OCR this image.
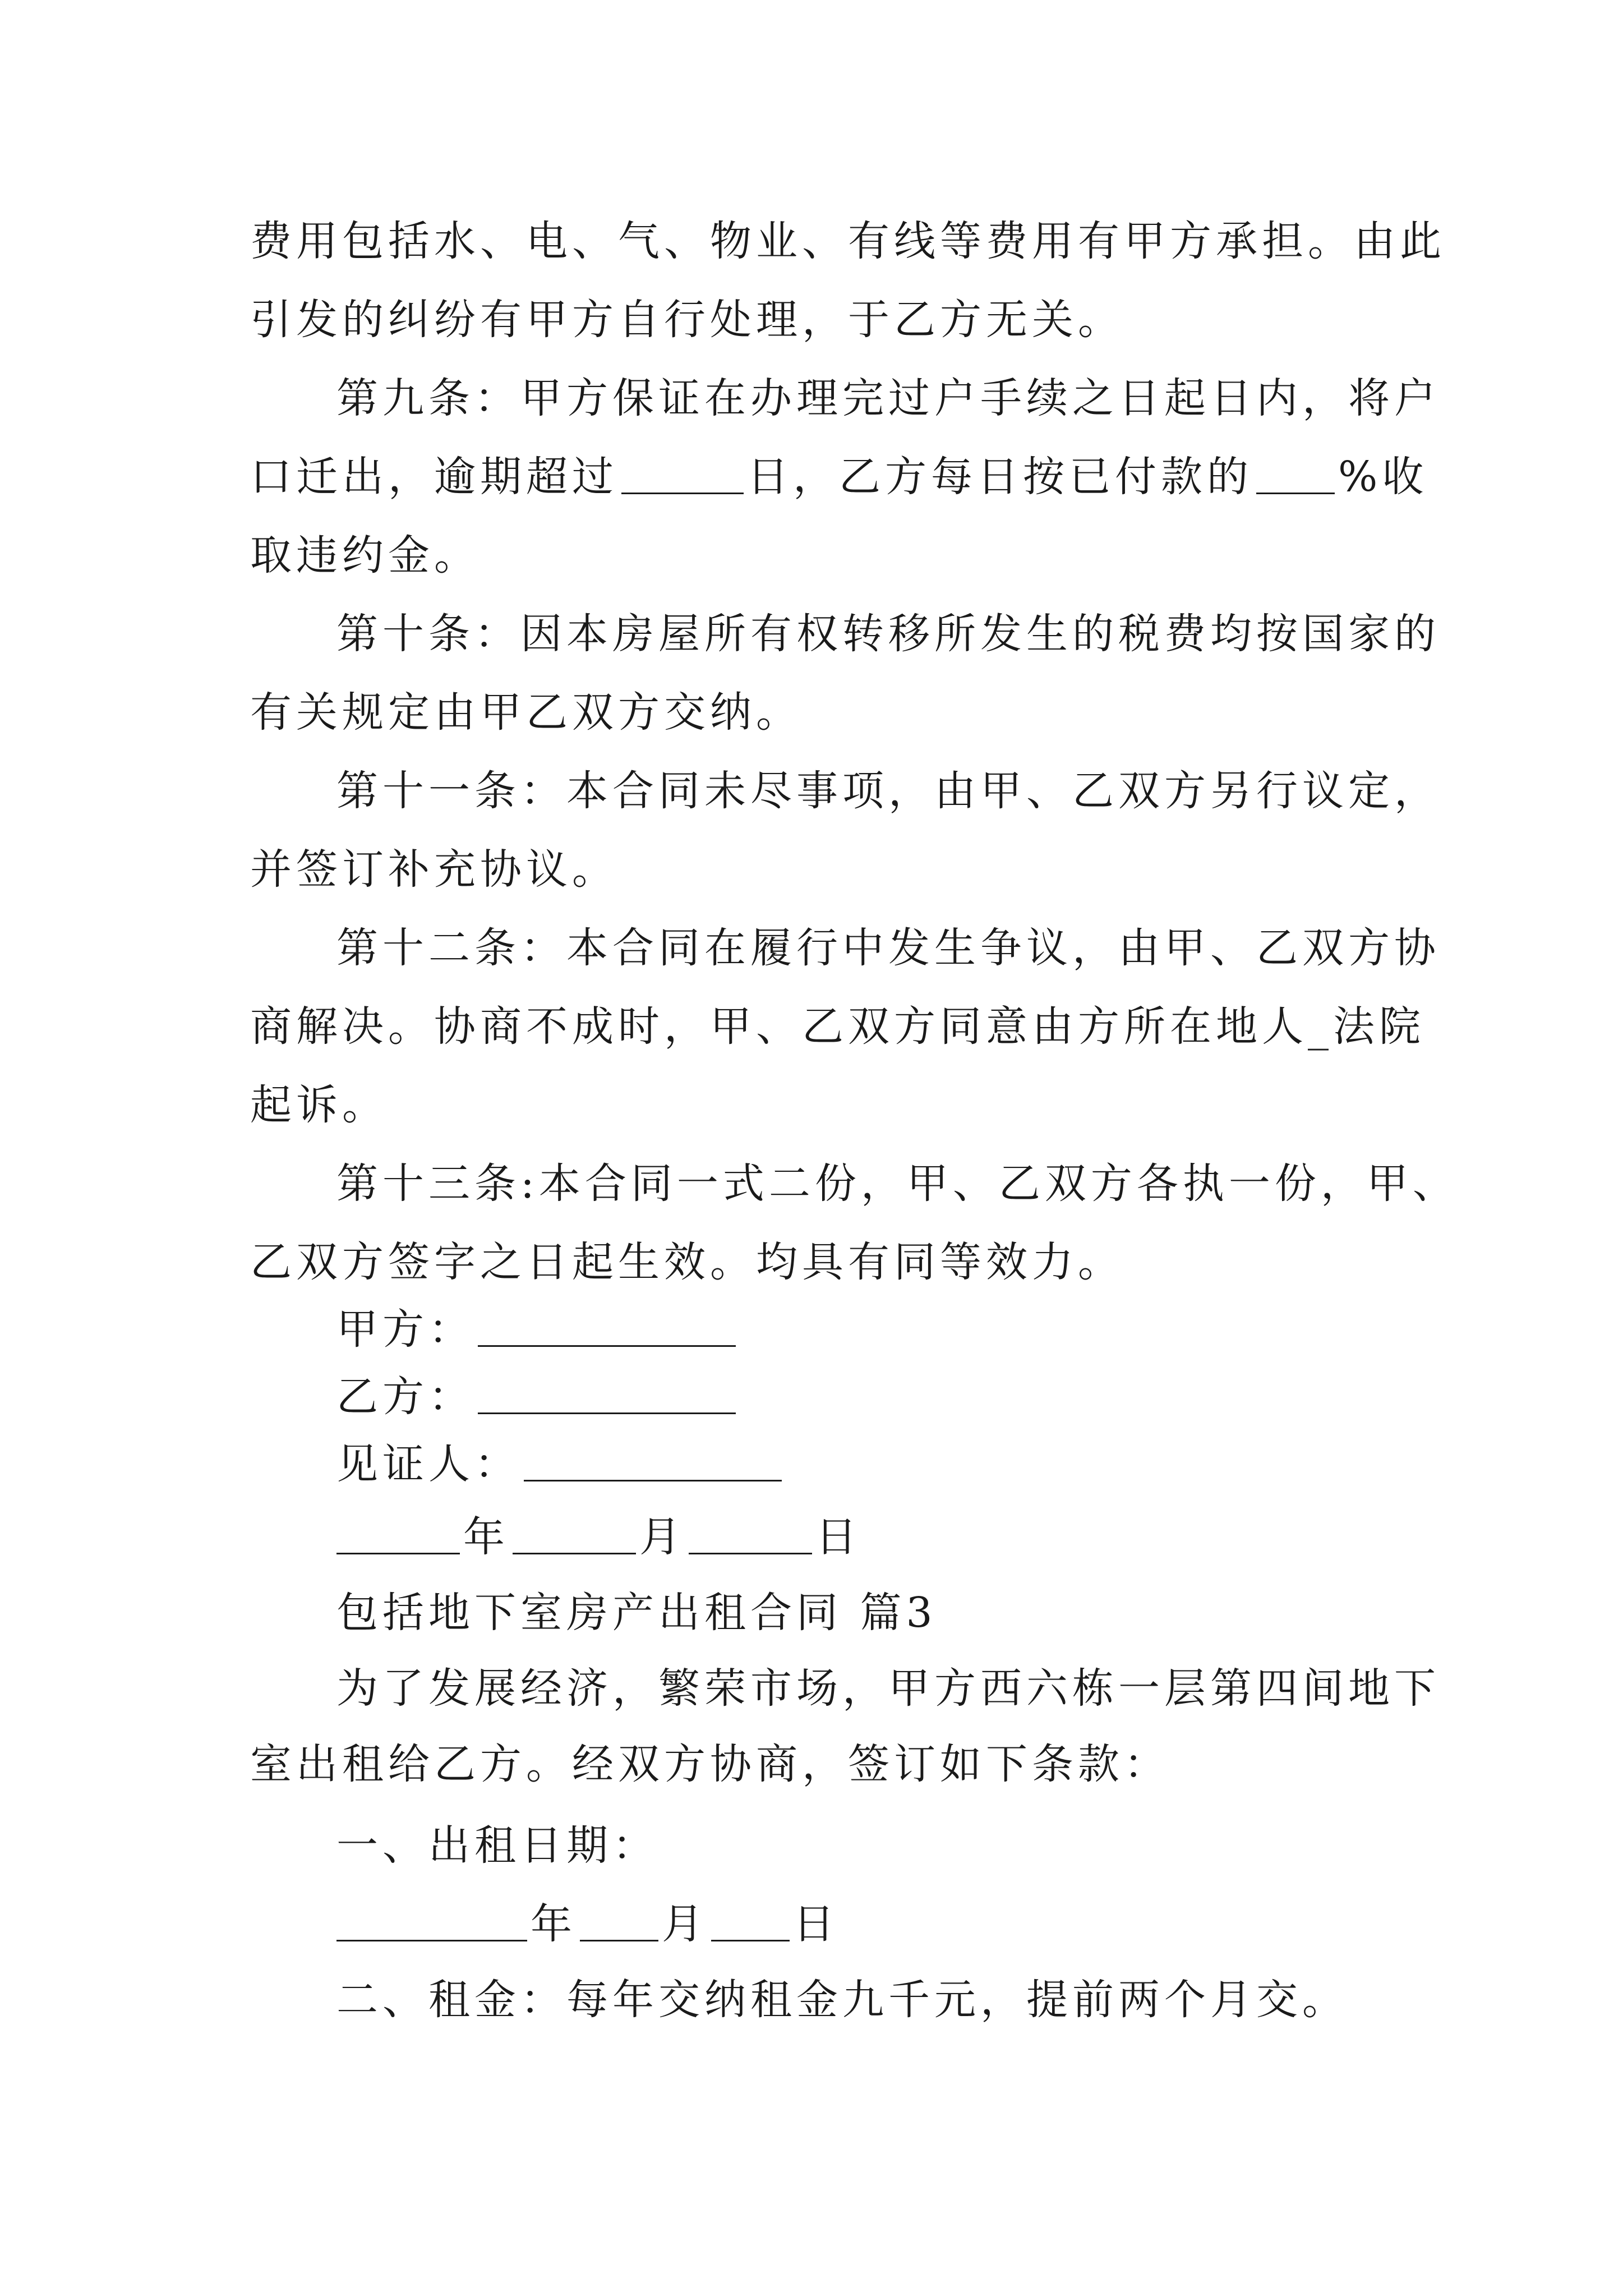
费用包括水、电、气、物业、有线等费用有甲方承担。由此
引发的纠纷有甲方自行处理，于乙方无关。
第九条：甲方保证在办理完过户手续之日起日内，将户
口迁出，逾期超过	日，乙方每日按已付款的 %收
取违约金。
第十条：因本房屋所有权转移所发生的税费均按国家的
有关规定由甲乙双方交纳。
第十一条：本合同未尽事项，由甲、乙双方另行议定，
并签订补充协议。
第十二条：本合同在履行中发生争议，由甲、乙双方协
商解决。协商不成时，甲、乙双方同意由方所在地人_法院
起诉。
第十三条:本合同一式二份，甲、乙双方各执一份，甲、
乙双方签字之日起生效。均具有同等效力。
甲方：
乙方：
见证人：
年	月	日
包括地下室房产出租合同 篇3
为了发展经济，繁荣市场，甲方西六栋一层第四间地下
室出租给乙方。经双方协商，签订如下条款：
一、出租日期：
年 月 日
二、租金：每年交纳租金九千元，提前两个月交。
